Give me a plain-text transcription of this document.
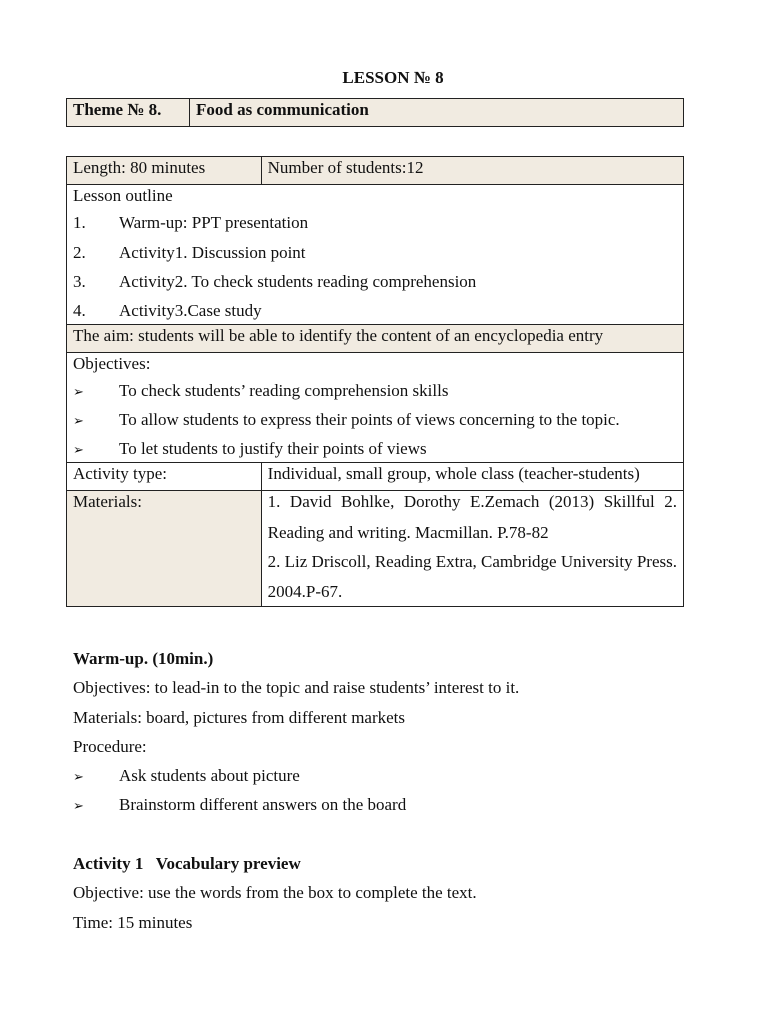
LESSON № 8
Theme № 8.	Food as communication
Length: 80 minutes	Number of students:12

Lesson outline
1. Warm-up: PPT presentation
2. Activity1. Discussion point
3. Activity2. To check students reading comprehension
4. Activity3.Case study	

The aim: students will be able to identify the content of an encyclopedia entry	

Objectives:
➢ To check students’ reading comprehension skills
➢ To allow students to express their points of views concerning to the topic.
➢ To let students to justify their points of views	

Activity type:	Individual, small group, whole class (teacher-students)
Materials:	1. David Bohlke, Dorothy E.Zemach (2013) Skillful 2.
Reading and writing. Macmillan. P.78-82
2. Liz Driscoll, Reading Extra, Cambridge University Press.
2004.P-67.
Warm-up. (10min.)
Objectives: to lead-in to the topic and raise students’ interest to it.
Materials: board, pictures from different markets
Procedure:
➢ Ask students about picture
➢ Brainstorm different answers on the board
Activity 1   Vocabulary preview
Objective: use the words from the box to complete the text.
Time: 15 minutes
